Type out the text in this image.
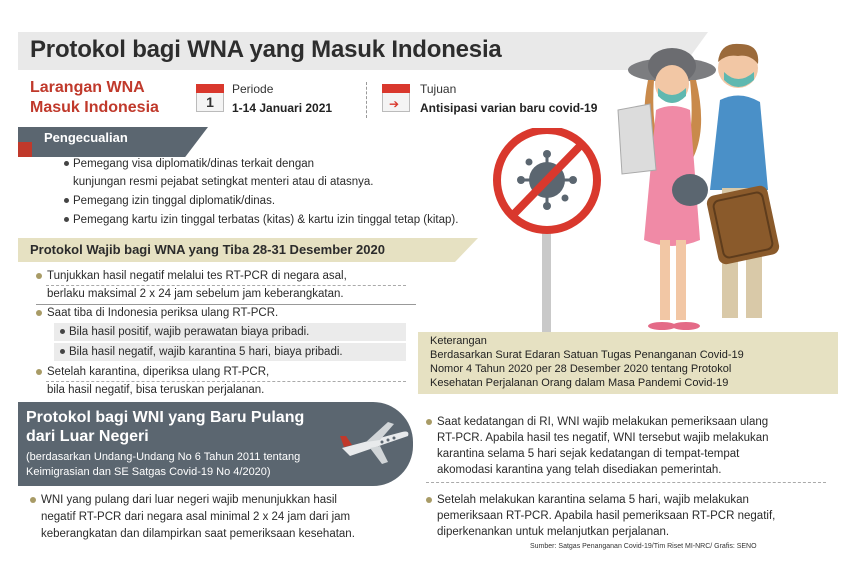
Protokol bagi WNA yang Masuk Indonesia
Larangan WNA
Masuk Indonesia	1
Periode
1-14 Januari 2021	➔
Tujuan
Antisipasi varian baru covid-19
Pengecualian
Pemegang visa diplomatik/dinas terkait dengan
kunjungan resmi pejabat setingkat menteri atau di atasnya.
Pemegang izin tinggal diplomatik/dinas.
Pemegang kartu izin tinggal terbatas (kitas) & kartu izin tinggal tetap (kitap).
Protokol Wajib bagi WNA yang Tiba 28-31 Desember 2020
Tunjukkan hasil negatif melalui tes RT-PCR di negara asal,
berlaku maksimal 2 x 24 jam sebelum jam keberangkatan.
Saat tiba di Indonesia periksa ulang RT-PCR.
Bila hasil positif, wajib perawatan biaya pribadi.
Bila hasil negatif, wajib karantina 5 hari, biaya pribadi.
Setelah karantina, diperiksa ulang RT-PCR,
bila hasil negatif, bisa teruskan perjalanan.
Protokol bagi WNI yang Baru Pulang
dari Luar Negeri
(berdasarkan Undang-Undang No 6 Tahun 2011 tentang
Keimigrasian dan SE Satgas Covid-19 No 4/2020)
WNI yang pulang dari luar negeri wajib menunjukkan hasil
negatif RT-PCR dari negara asal minimal 2 x 24 jam dari jam
keberangkatan dan dilampirkan saat pemeriksaan kesehatan.
Keterangan
Berdasarkan Surat Edaran Satuan Tugas Penanganan Covid-19
Nomor 4 Tahun 2020 per 28 Desember 2020 tentang Protokol
Kesehatan Perjalanan Orang dalam Masa Pandemi Covid-19
Saat kedatangan di RI, WNI wajib melakukan pemeriksaan ulang
RT-PCR. Apabila hasil tes negatif, WNI tersebut wajib melakukan
karantina selama 5 hari sejak kedatangan di tempat-tempat
akomodasi karantina yang telah disediakan pemerintah.
Setelah melakukan karantina selama 5 hari, wajib melakukan
pemeriksaan RT-PCR. Apabila hasil pemeriksaan RT-PCR negatif,
diperkenankan untuk melanjutkan perjalanan.
Sumber: Satgas Penanganan Covid-19/Tim Riset MI-NRC/ Grafis: SENO
